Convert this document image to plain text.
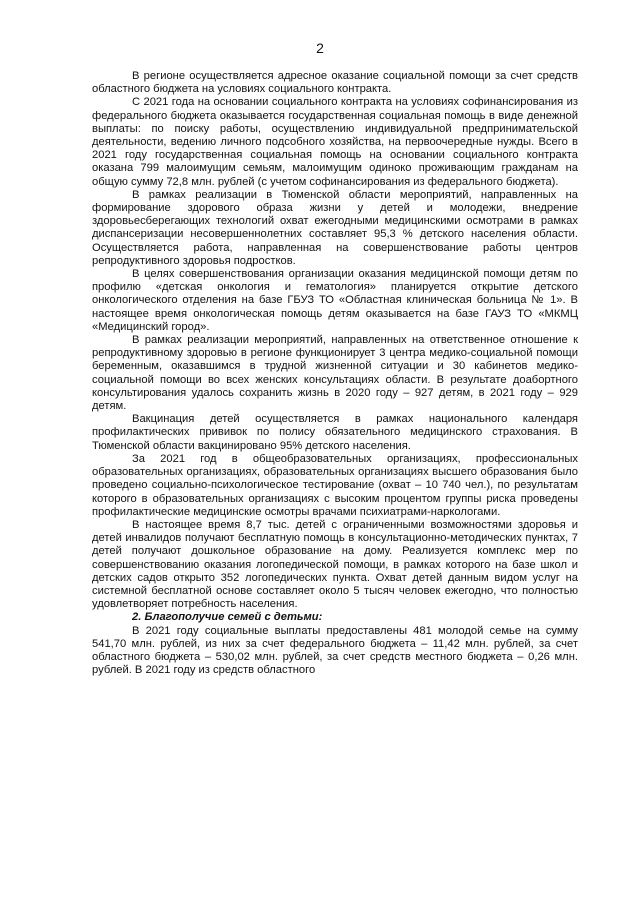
2

В регионе осуществляется адресное оказание социальной помощи за счет средств областного бюджета на условиях социального контракта.

С 2021 года на основании социального контракта на условиях софинансирования из федерального бюджета оказывается государственная социальная помощь в виде денежной выплаты: по поиску работы, осуществлению индивидуальной предпринимательской деятельности, ведению личного подсобного хозяйства, на первоочередные нужды. Всего в 2021 году государственная социальная помощь на основании социального контракта оказана 799 малоимущим семьям, малоимущим одиноко проживающим гражданам на общую сумму 72,8 млн. рублей (с учетом софинансирования из федерального бюджета).

В рамках реализации в Тюменской области мероприятий, направленных на формирование здорового образа жизни у детей и молодежи, внедрение здоровьесберегающих технологий охват ежегодными медицинскими осмотрами в рамках диспансеризации несовершеннолетних составляет 95,3 % детского населения области. Осуществляется работа, направленная на совершенствование работы центров репродуктивного здоровья подростков.

В целях совершенствования организации оказания медицинской помощи детям по профилю «детская онкология и гематология» планируется открытие детского онкологического отделения на базе ГБУЗ ТО «Областная клиническая больница № 1». В настоящее время онкологическая помощь детям оказывается на базе ГАУЗ ТО «МКМЦ «Медицинский город».

В рамках реализации мероприятий, направленных на ответственное отношение к репродуктивному здоровью в регионе функционирует 3 центра медико-социальной помощи беременным, оказавшимся в трудной жизненной ситуации и 30 кабинетов медико-социальной помощи во всех женских консультациях области. В результате доабортного консультирования удалось сохранить жизнь в 2020 году – 927 детям, в 2021 году – 929 детям.

Вакцинация детей осуществляется в рамках национального календаря профилактических прививок по полису обязательного медицинского страхования. В Тюменской области вакцинировано 95% детского населения.

За 2021 год в общеобразовательных организациях, профессиональных образовательных организациях, образовательных организациях высшего образования было проведено социально-психологическое тестирование (охват – 10 740 чел.), по результатам которого в образовательных организациях с высоким процентом группы риска проведены профилактические медицинские осмотры врачами психиатрами-наркологами.

В настоящее время 8,7 тыс. детей с ограниченными возможностями здоровья и детей инвалидов получают бесплатную помощь в консультационно-методических пунктах, 7 детей получают дошкольное образование на дому. Реализуется комплекс мер по совершенствованию оказания логопедической помощи, в рамках которого на базе школ и детских садов открыто 352 логопедических пункта. Охват детей данным видом услуг на системной бесплатной основе составляет около 5 тысяч человек ежегодно, что полностью удовлетворяет потребность населения.

2. Благополучие семей с детьми:

В 2021 году социальные выплаты предоставлены 481 молодой семье на сумму 541,70 млн. рублей, из них за счет федерального бюджета – 11,42 млн. рублей, за счет областного бюджета – 530,02 млн. рублей, за счет средств местного бюджета – 0,26 млн. рублей. В 2021 году из средств областного
